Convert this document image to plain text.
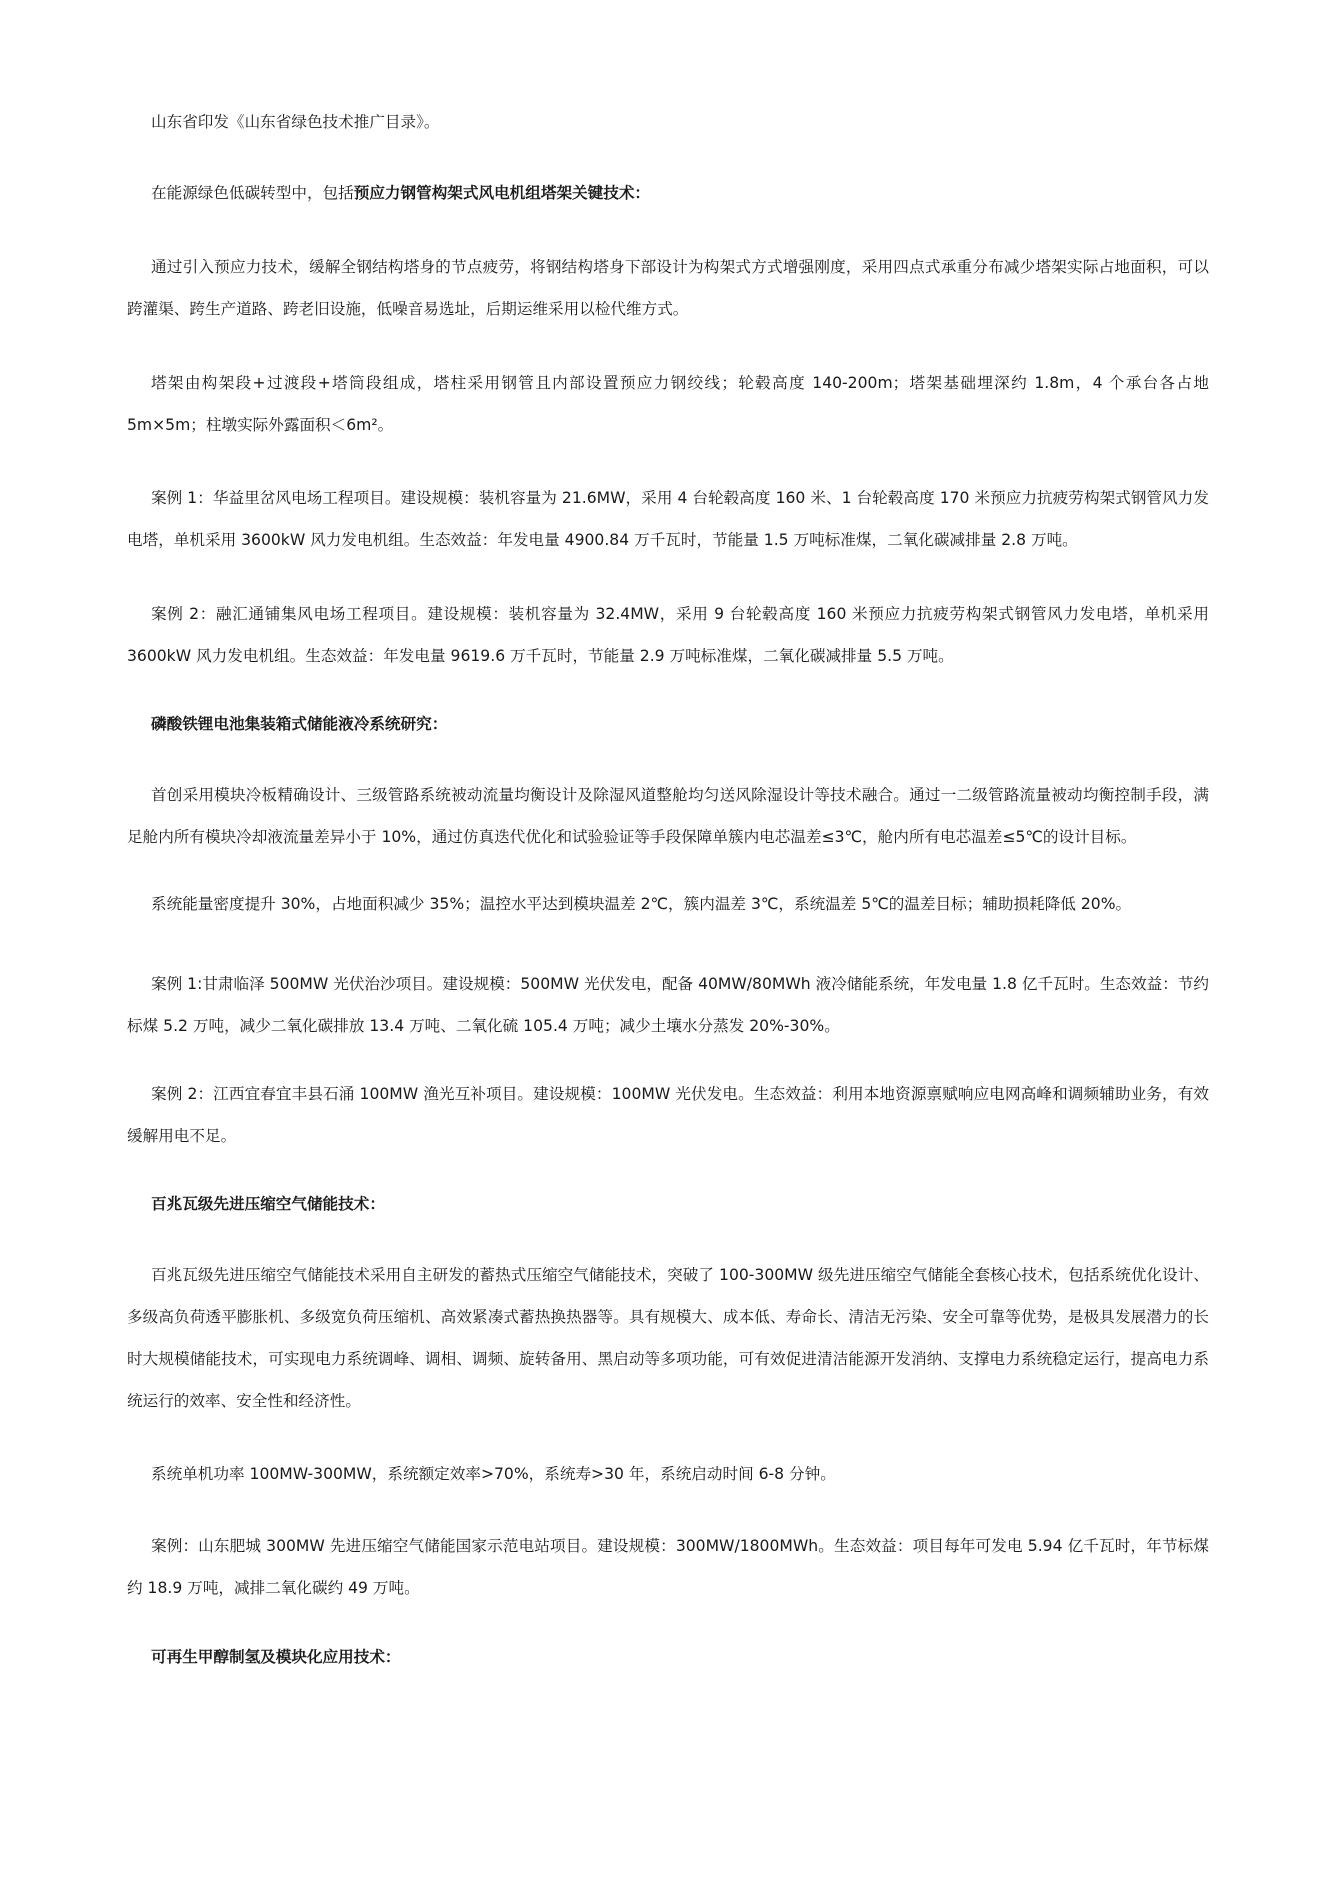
山东省印发《山东省绿色技术推广目录》。

在能源绿色低碳转型中，包括预应力钢管构架式风电机组塔架关键技术：

通过引入预应力技术，缓解全钢结构塔身的节点疲劳，将钢结构塔身下部设计为构架式方式增强刚度，采用四点式承重分布减少塔架实际占地面积，可以跨灌渠、跨生产道路、跨老旧设施，低噪音易选址，后期运维采用以检代维方式。

塔架由构架段+过渡段+塔筒段组成，塔柱采用钢管且内部设置预应力钢绞线；轮毂高度 140-200m；塔架基础埋深约 1.8m，4 个承台各占地 5m×5m；柱墩实际外露面积＜6m²。

案例 1：华益里岔风电场工程项目。建设规模：装机容量为 21.6MW，采用 4 台轮毂高度 160 米、1 台轮毂高度 170 米预应力抗疲劳构架式钢管风力发电塔，单机采用 3600kW 风力发电机组。生态效益：年发电量 4900.84 万千瓦时，节能量 1.5 万吨标准煤，二氧化碳减排量 2.8 万吨。

案例 2：融汇通铺集风电场工程项目。建设规模：装机容量为 32.4MW，采用 9 台轮毂高度 160 米预应力抗疲劳构架式钢管风力发电塔，单机采用 3600kW 风力发电机组。生态效益：年发电量 9619.6 万千瓦时，节能量 2.9 万吨标准煤，二氧化碳减排量 5.5 万吨。

磷酸铁锂电池集装箱式储能液冷系统研究：

首创采用模块冷板精确设计、三级管路系统被动流量均衡设计及除湿风道整舱均匀送风除湿设计等技术融合。通过一二级管路流量被动均衡控制手段，满足舱内所有模块冷却液流量差异小于 10%，通过仿真迭代优化和试验验证等手段保障单簇内电芯温差≤3℃，舱内所有电芯温差≤5℃的设计目标。

系统能量密度提升 30%，占地面积减少 35%；温控水平达到模块温差 2℃，簇内温差 3℃，系统温差 5℃的温差目标；辅助损耗降低 20%。

案例 1:甘肃临泽 500MW 光伏治沙项目。建设规模：500MW 光伏发电，配备 40MW/80MWh 液冷储能系统，年发电量 1.8 亿千瓦时。生态效益：节约标煤 5.2 万吨，减少二氧化碳排放 13.4 万吨、二氧化硫 105.4 万吨；减少土壤水分蒸发 20%-30%。

案例 2：江西宜春宜丰县石涌 100MW 渔光互补项目。建设规模：100MW 光伏发电。生态效益：利用本地资源禀赋响应电网高峰和调频辅助业务，有效缓解用电不足。

百兆瓦级先进压缩空气储能技术：

百兆瓦级先进压缩空气储能技术采用自主研发的蓄热式压缩空气储能技术，突破了 100-300MW 级先进压缩空气储能全套核心技术，包括系统优化设计、多级高负荷透平膨胀机、多级宽负荷压缩机、高效紧凑式蓄热换热器等。具有规模大、成本低、寿命长、清洁无污染、安全可靠等优势，是极具发展潜力的长时大规模储能技术，可实现电力系统调峰、调相、调频、旋转备用、黑启动等多项功能，可有效促进清洁能源开发消纳、支撑电力系统稳定运行，提高电力系统运行的效率、安全性和经济性。

系统单机功率 100MW-300MW，系统额定效率>70%，系统寿>30 年，系统启动时间 6-8 分钟。

案例：山东肥城 300MW 先进压缩空气储能国家示范电站项目。建设规模：300MW/1800MWh。生态效益：项目每年可发电 5.94 亿千瓦时，年节标煤约 18.9 万吨，减排二氧化碳约 49 万吨。

可再生甲醇制氢及模块化应用技术：
